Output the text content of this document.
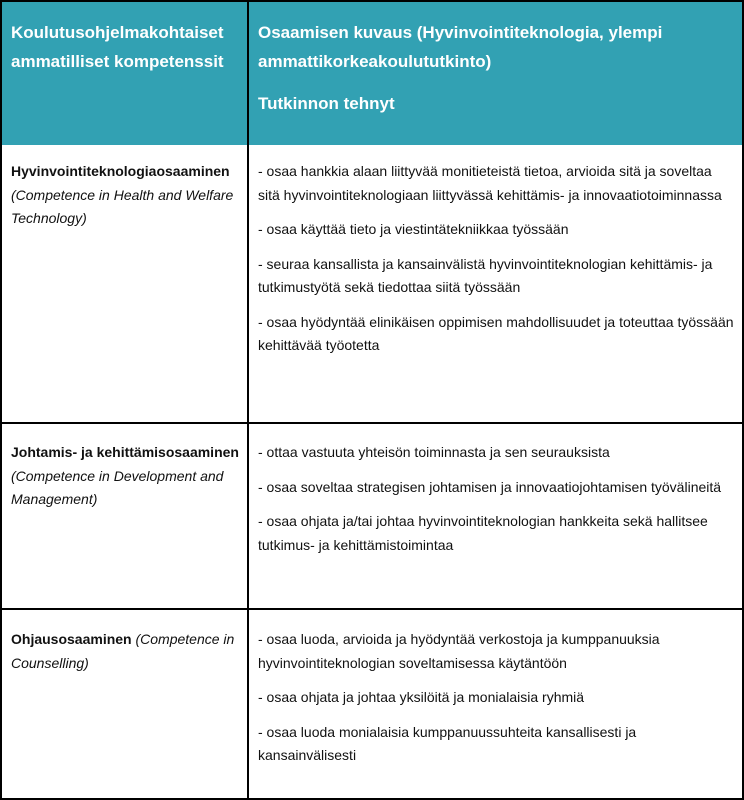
Koulutusohjelmakohtaiset ammatilliset kompetenssit
Osaamisen kuvaus (Hyvinvointiteknologia, ylempi ammattikorkeakoulututkinto)
Tutkinnon tehnyt
Hyvinvointiteknologiaosaaminen
(Competence in Health and Welfare Technology)
- osaa hankkia alaan liittyvää monitieteistä tietoa, arvioida sitä ja soveltaa sitä hyvinvointiteknologiaan liittyvässä kehittämis- ja innovaatiotoiminnassa
- osaa käyttää tieto ja viestintätekniikkaa työssään
- seuraa kansallista ja kansainvälistä hyvinvointiteknologian kehittämis- ja tutkimustyötä sekä tiedottaa siitä työssään
- osaa hyödyntää elinikäisen oppimisen mahdollisuudet ja toteuttaa työssään kehittävää työotetta
Johtamis- ja kehittämisosaaminen
(Competence in Development and Management)
- ottaa vastuuta yhteisön toiminnasta ja sen seurauksista
- osaa soveltaa strategisen johtamisen ja innovaatiojohtamisen työvälineitä
- osaa ohjata ja/tai johtaa hyvinvointiteknologian hankkeita sekä hallitsee tutkimus- ja kehittämistoimintaa
Ohjausosaaminen (Competence in Counselling)
- osaa luoda, arvioida ja hyödyntää verkostoja ja kumppanuuksia hyvinvointiteknologian soveltamisessa käytäntöön
- osaa ohjata ja johtaa yksilöitä ja monialaisia ryhmiä
- osaa luoda monialaisia kumppanuussuhteita kansallisesti ja kansainvälisesti
